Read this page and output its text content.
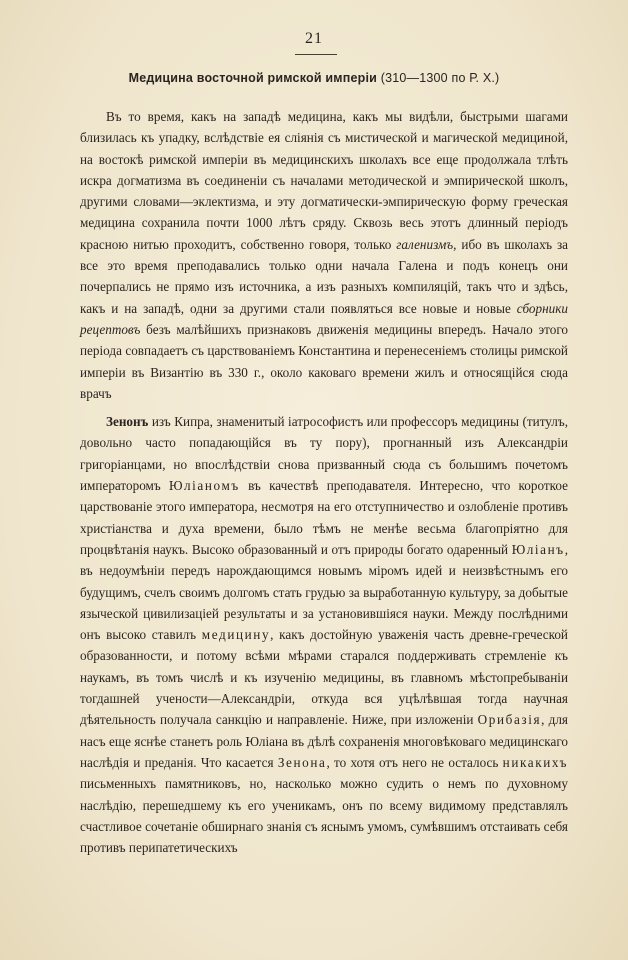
21
Медицина восточной римской имперіи (310—1300 по Р. Х.)

Въ то время, какъ на западѣ медицина, какъ мы видѣли, быстрыми шагами близилась къ упадку, вслѣдствіе ея сліянія съ мистической и магической медициной, на востокѣ римской имперіи въ медицинскихъ школахъ все еще продолжала тлѣть искра догматизма въ соединеніи съ началами методической и эмпирической школъ, другими словами—эклектизма, и эту догматически-эмпирическую форму греческая медицина сохранила почти 1000 лѣтъ сряду. Сквозь весь этотъ длинный періодъ красною нитью проходитъ, собственно говоря, только галенизмъ, ибо въ школахъ за все это время преподавались только одни начала Галена и подъ конецъ они почерпались не прямо изъ источника, а изъ разныхъ компиляцій, такъ что и здѣсь, какъ и на западѣ, одни за другими стали появляться все новые и новые сборники рецептовъ безъ малѣйшихъ признаковъ движенія медицины впередъ. Начало этого періода совпадаетъ съ царствованіемъ Константина и перенесеніемъ столицы римской имперіи въ Византію въ 330 г., около каковаго времени жилъ и относящійся сюда врачъ

Зенонъ изъ Кипра, знаменитый іатрософистъ или профессоръ медицины (титулъ, довольно часто попадающійся въ ту пору), прогнанный изъ Александріи григоріанцами, но впослѣдствіи снова призванный сюда съ большимъ почетомъ императоромъ Юліаномъ въ качествѣ преподавателя. Интересно, что короткое царствованіе этого императора, несмотря на его отступничество и озлобленіе противъ христіанства и духа времени, было тѣмъ не менѣе весьма благопріятно для процвѣтанія наукъ. Высоко образованный и отъ природы богато одаренный Юліанъ, въ недоумѣніи передъ нарождающимся новымъ міромъ идей и неизвѣстнымъ его будущимъ, счелъ своимъ долгомъ стать грудью за выработанную культуру, за добытые языческой цивилизаціей результаты и за установившіяся науки. Между послѣдними онъ высоко ставилъ медицину, какъ достойную уваженія часть древне-греческой образованности, и потому всѣми мѣрами старался поддерживать стремленіе къ наукамъ, въ томъ числѣ и къ изученію медицины, въ главномъ мѣстопребываніи тогдашней учености—Александріи, откуда вся уцѣлѣвшая тогда научная дѣятельность получала санкцію и направленіе. Ниже, при изложеніи Орибазія, для насъ еще яснѣе станетъ роль Юліана въ дѣлѣ сохраненія многовѣковаго медицинскаго наслѣдія и преданія. Что касается Зенона, то хотя отъ него не осталось никакихъ письменныхъ памятниковъ, но, насколько можно судить о немъ по духовному наслѣдію, перешедшему къ его ученикамъ, онъ по всему видимому представлялъ счастливое сочетаніе обширнаго знанія съ яснымъ умомъ, сумѣвшимъ отстаивать себя противъ перипатетическихъ
